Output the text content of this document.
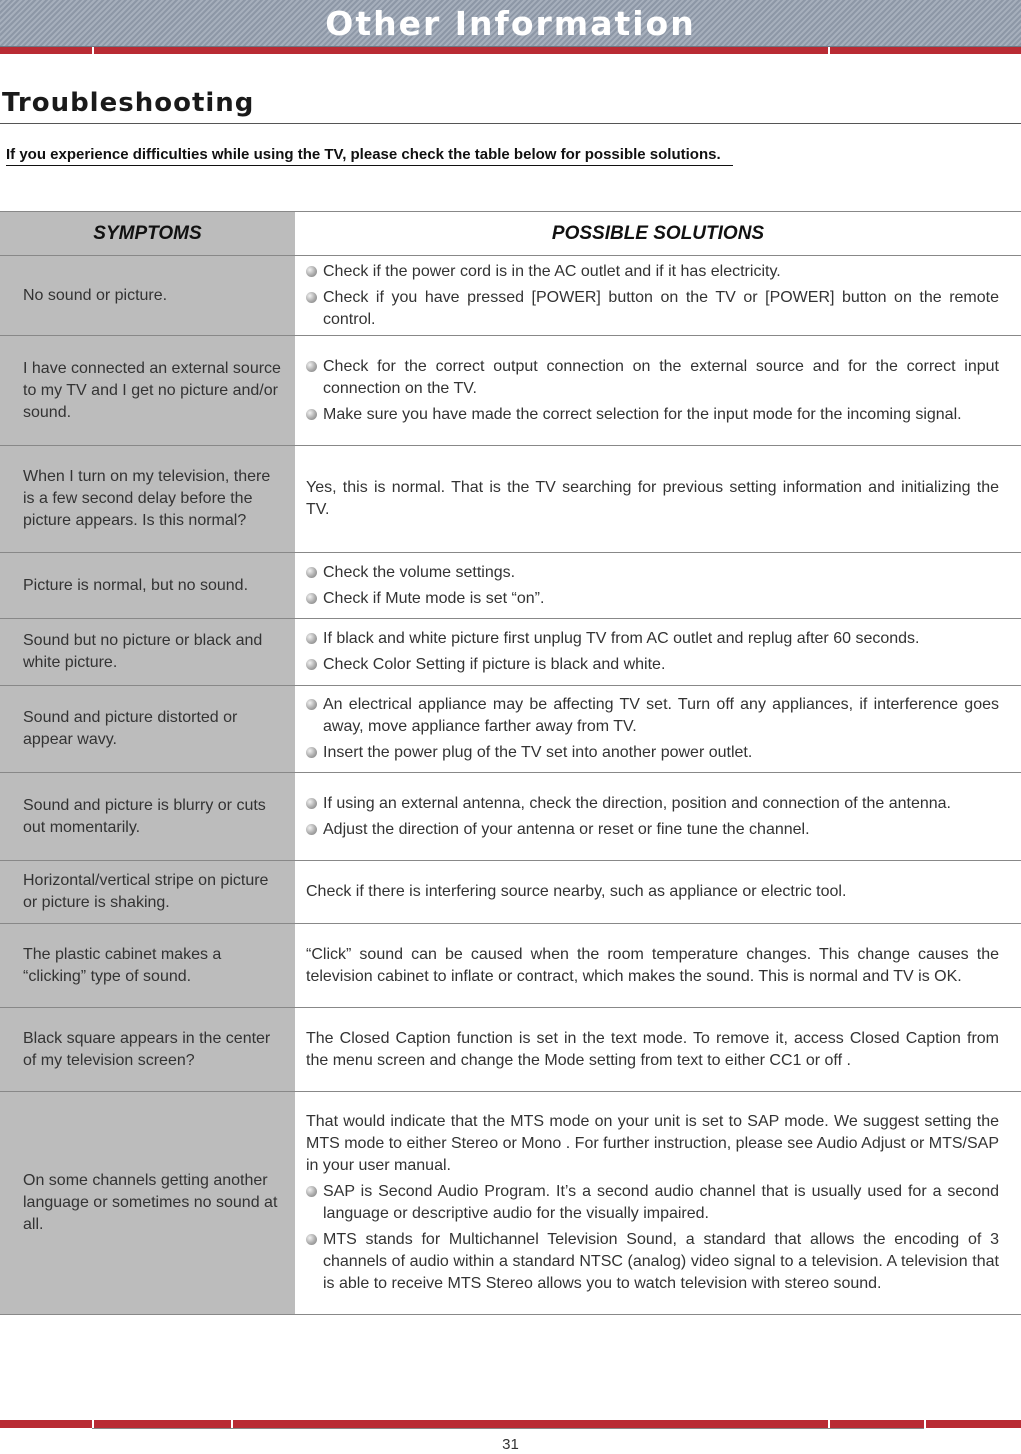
Other Information
Troubleshooting
If you experience difficulties while using the TV, please check the table below for possible solutions.
SYMPTOMS	POSSIBLE SOLUTIONS
No sound or picture.	Check if the power cord is in the AC outlet and if it has electricity.
Check if you have pressed [POWER] button on the TV or [POWER] button on the remote control.

I have connected an external source to my TV and I get no picture and/or sound.	Check for the correct output connection on the external source and for the correct input connection on the TV.
Make sure you have made the correct selection for the input mode for the incoming signal.

When I turn on my television, there is a few second delay before the picture appears. Is this normal?	Yes, this is normal. That is the TV searching for previous setting information and initializing the TV.

Picture is normal, but no sound.	Check the volume settings.
Check if Mute mode is set “on”.

Sound but no picture or black and white picture.	If black and white picture first unplug TV from AC outlet and replug after 60 seconds.
Check Color Setting if picture is black and white.

Sound and picture distorted or appear wavy.	An electrical appliance may be affecting TV set. Turn off any appliances, if interference goes away, move appliance farther away from TV.
Insert the power plug of the TV set into another power outlet.

Sound and picture is blurry or cuts out momentarily.	If using an external antenna, check the direction, position and connection of the antenna.
Adjust the direction of your antenna or reset or fine tune the channel.

Horizontal/vertical stripe on picture or picture is shaking.	Check if there is interfering source nearby, such as appliance or electric tool.

The plastic cabinet makes a “clicking” type of sound.	“Click” sound can be caused when the room temperature changes. This change causes the television cabinet to inflate or contract, which makes the sound. This is normal and TV is OK.

Black square appears in the center of my television screen?	The Closed Caption function is set in the text mode. To remove it, access Closed Caption from the menu screen and change the Mode setting from text to either CC1 or off .

On some channels getting another language or sometimes no sound at all.	That would indicate that the MTS mode on your unit is set to SAP mode. We suggest setting the MTS mode to either Stereo or Mono . For further instruction, please see Audio Adjust or MTS/SAP in your user manual.
SAP is Second Audio Program. It’s a second audio channel that is usually used for a second language or descriptive audio for the visually impaired.
MTS stands for Multichannel Television Sound, a standard that allows the encoding of 3 channels of audio within a standard NTSC (analog) video signal to a television. A television that is able to receive MTS Stereo allows you to watch television with stereo sound.
31
